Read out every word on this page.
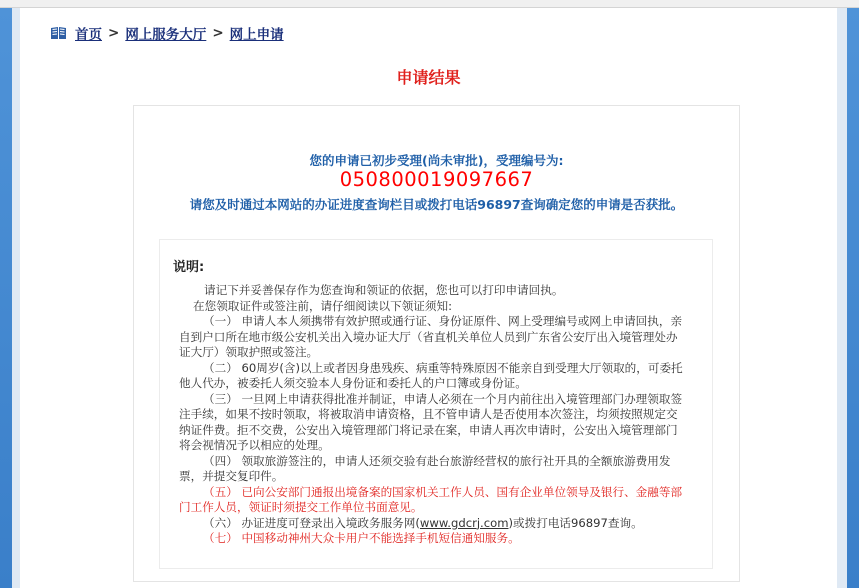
首页 > 网上服务大厅 > 网上申请
申请结果
您的申请已初步受理(尚未审批)，受理编号为:
050800019097667
请您及时通过本网站的办证进度查询栏目或拨打电话96897查询确定您的申请是否获批。
说明:

请记下并妥善保存作为您查询和领证的依据，您也可以打印申请回执。

在您领取证件或签注前，请仔细阅读以下领证须知:

（一） 申请人本人须携带有效护照或通行证、身份证原件、网上受理编号或网上申请回执，亲自到户口所在地市级公安机关出入境办证大厅（省直机关单位人员到广东省公安厅出入境管理处办证大厅）领取护照或签注。

（二） 60周岁(含)以上或者因身患残疾、病重等特殊原因不能亲自到受理大厅领取的，可委托他人代办，被委托人须交验本人身份证和委托人的户口簿或身份证。

（三） 一旦网上申请获得批准并制证，申请人必须在一个月内前往出入境管理部门办理领取签注手续，如果不按时领取，将被取消申请资格，且不管申请人是否使用本次签注，均须按照规定交纳证件费。拒不交费，公安出入境管理部门将记录在案，申请人再次申请时，公安出入境管理部门将会视情况予以相应的处理。

（四） 领取旅游签注的，申请人还须交验有赴台旅游经营权的旅行社开具的全额旅游费用发票，并提交复印件。

（五） 已向公安部门通报出境备案的国家机关工作人员、国有企业单位领导及银行、金融等部门工作人员，领证时须提交工作单位书面意见。

（六） 办证进度可登录出入境政务服务网(www.gdcrj.com)或拨打电话96897查询。

（七） 中国移动神州大众卡用户不能选择手机短信通知服务。
